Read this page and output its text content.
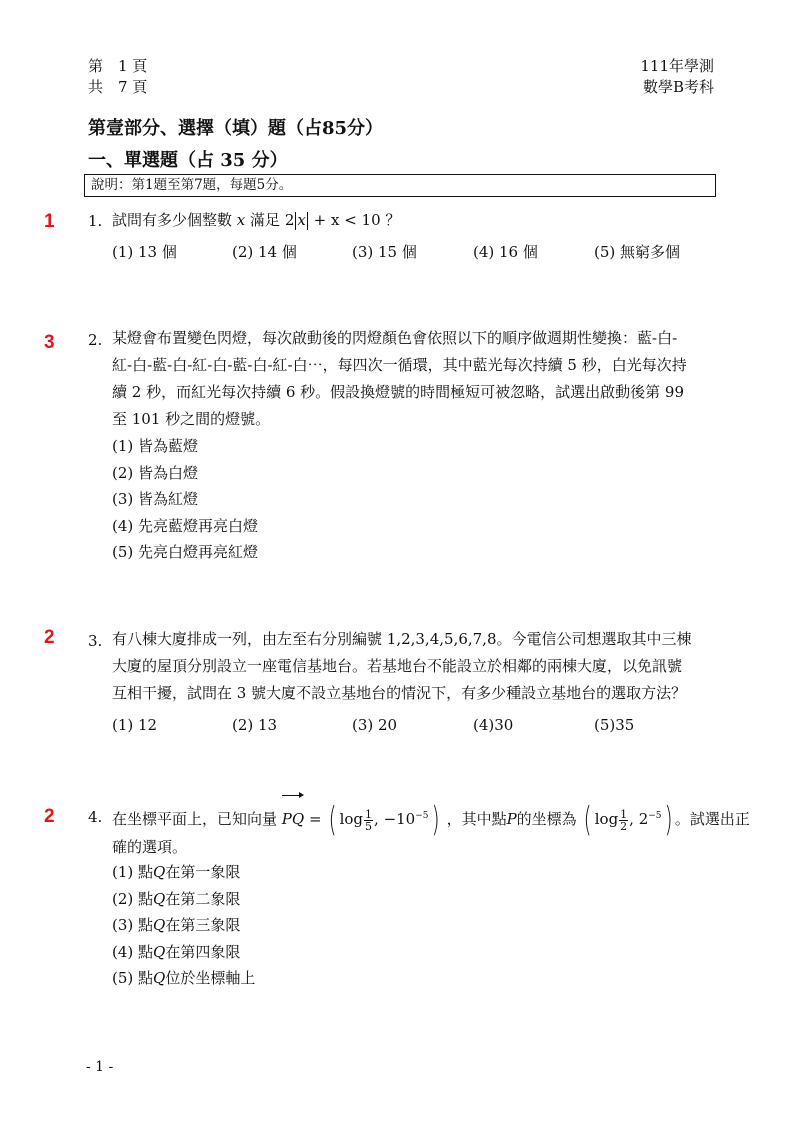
第　1 頁
共　7 頁
111年學測
數學B考科
第壹部分、選擇（填）題（占85分）
一、單選題（占 35 分）
說明：第1題至第7題，每題5分。
1
3
2
2
1. 試問有多少個整數 x 滿足 2 x + x < 10 ？
(1) 13 個	(2) 14 個	(3) 15 個	(4) 16 個	(5) 無窮多個
2. 某燈會布置變色閃燈，每次啟動後的閃燈顏色會依照以下的順序做週期性變換：藍-白-
紅-白-藍-白-紅-白-藍-白-紅-白⋯，每四次一循環，其中藍光每次持續 5 秒，白光每次持
續 2 秒，而紅光每次持續 6 秒。假設換燈號的時間極短可被忽略，試選出啟動後第 99
至 101 秒之間的燈號。
(1) 皆為藍燈
(2) 皆為白燈
(3) 皆為紅燈
(4) 先亮藍燈再亮白燈
(5) 先亮白燈再亮紅燈
3. 有八棟大廈排成一列，由左至右分別編號 1,2,3,4,5,6,7,8。今電信公司想選取其中三棟
大廈的屋頂分別設立一座電信基地台。若基地台不能設立於相鄰的兩棟大廈，以免訊號
互相干擾，試問在 3 號大廈不設立基地台的情況下，有多少種設立基地台的選取方法？
(1) 12	(2) 13	(3) 20	(4)30	(5)35
4. 在坐標平面上，已知向量 PQ = ( $\log \frac{1}{5}$ , $-10^{-5}$) ，其中點P的坐標為 ( $\log \frac{1}{2}$ , $2^{-5}$) 。試選出正
確的選項。
(1) 點Q在第一象限
(2) 點Q在第二象限
(3) 點Q在第三象限
(4) 點Q在第四象限
(5) 點Q位於坐標軸上
- 1 -
